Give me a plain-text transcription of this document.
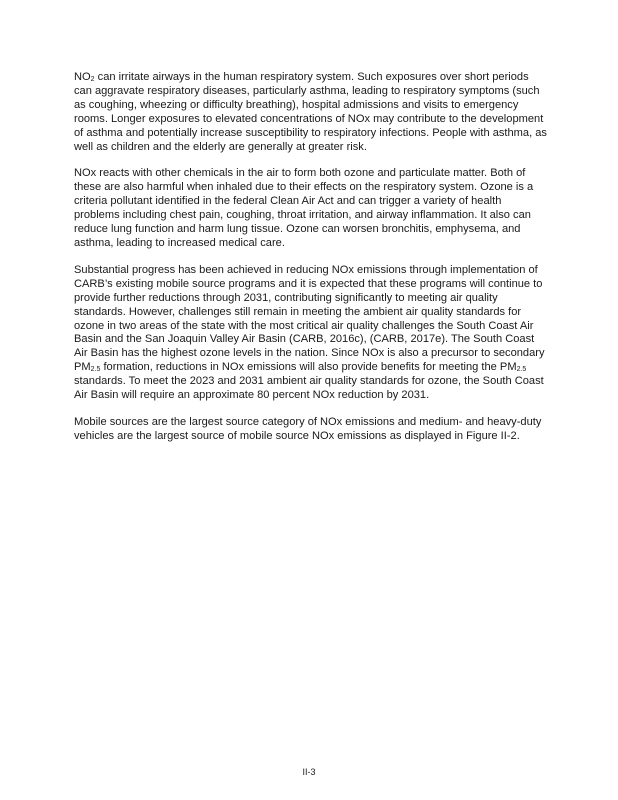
$NO_2$ can irritate airways in the human respiratory system. Such exposures over short periods can aggravate respiratory diseases, particularly asthma, leading to respiratory symptoms (such as coughing, wheezing or difficulty breathing), hospital admissions and visits to emergency rooms. Longer exposures to elevated concentrations of NOx may contribute to the development of asthma and potentially increase susceptibility to respiratory infections. People with asthma, as well as children and the elderly are generally at greater risk.

NOx reacts with other chemicals in the air to form both ozone and particulate matter. Both of these are also harmful when inhaled due to their effects on the respiratory system. Ozone is a criteria pollutant identified in the federal Clean Air Act and can trigger a variety of health problems including chest pain, coughing, throat irritation, and airway inflammation. It also can reduce lung function and harm lung tissue. Ozone can worsen bronchitis, emphysema, and asthma, leading to increased medical care.

Substantial progress has been achieved in reducing NOx emissions through implementation of CARB’s existing mobile source programs and it is expected that these programs will continue to provide further reductions through 2031, contributing significantly to meeting air quality standards. However, challenges still remain in meeting the ambient air quality standards for ozone in two areas of the state with the most critical air quality challenges the South Coast Air Basin and the San Joaquin Valley Air Basin (CARB, 2016c), (CARB, 2017e). The South Coast Air Basin has the highest ozone levels in the nation. Since NOx is also a precursor to secondary $PM_{2.5}$ formation, reductions in NOx emissions will also provide benefits for meeting the $PM_{2.5}$ standards. To meet the 2023 and 2031 ambient air quality standards for ozone, the South Coast Air Basin will require an approximate 80 percent NOx reduction by 2031.

Mobile sources are the largest source category of NOx emissions and medium- and heavy-duty vehicles are the largest source of mobile source NOx emissions as displayed in Figure II-2.

II-3
